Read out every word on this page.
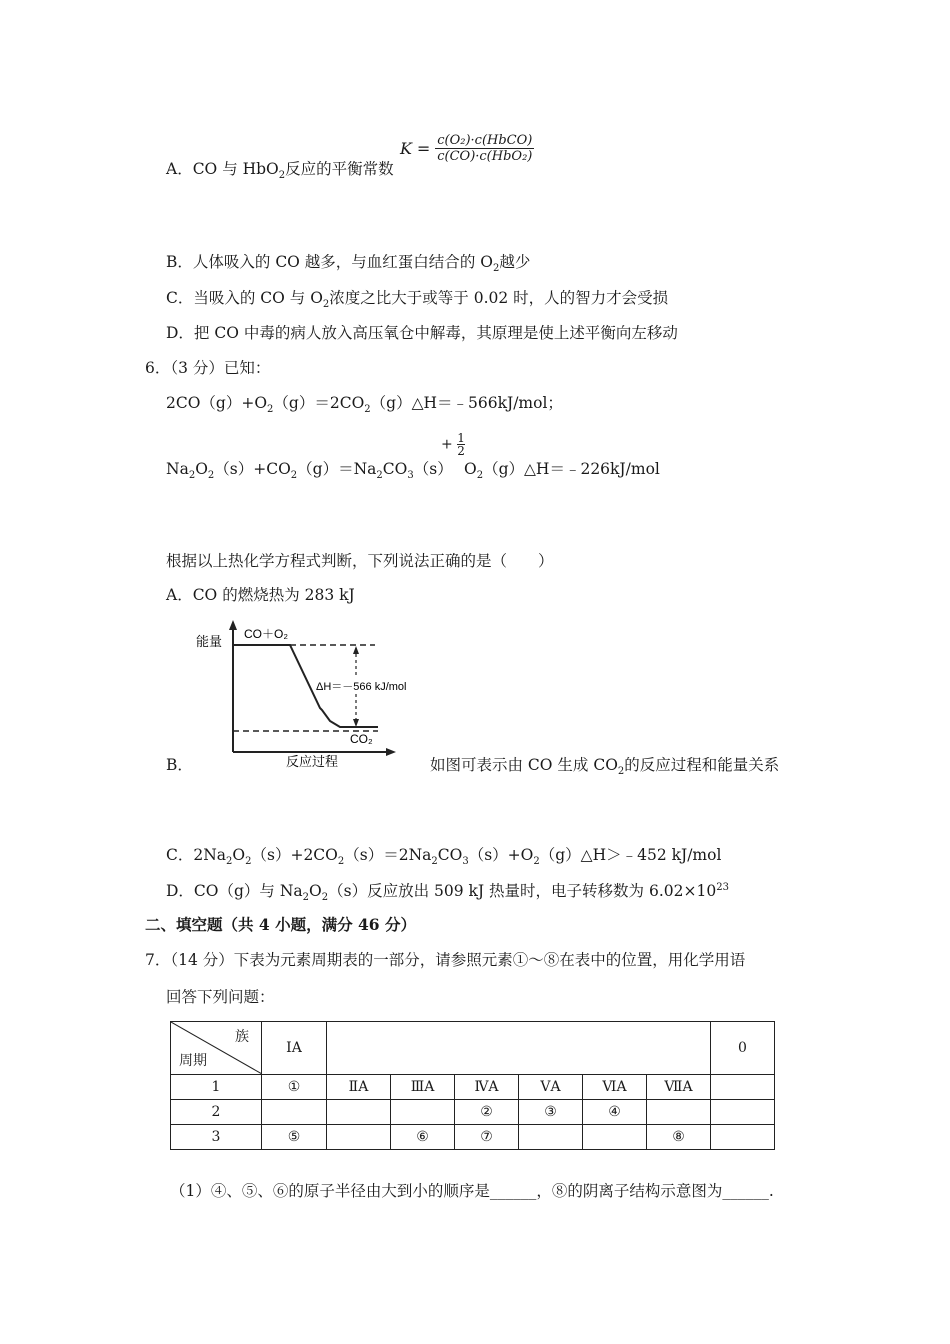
A．CO 与 HbO$_2$反应的平衡常数
$K = \frac{\text{c(O₂)·c(HbCO)}}{\text{c(CO)·c(HbO₂)}}$
B．人体吸入的 CO 越多，与血红蛋白结合的 $O_2$越少
C．当吸入的 CO 与 $O_2$浓度之比大于或等于 0.02 时，人的智力才会受损
D．把 CO 中毒的病人放入高压氧仓中解毒，其原理是使上述平衡向左移动
6．（3 分）已知：
$2CO(g)+O_2(g)=2CO_2(g)\triangle H=﹣566kJ$/mol；
+ $\frac{1}{2}$
$Na_2O_2(s)+CO_2(g)=Na_2CO_3(s)$ $O_2(g)\triangle H=﹣226kJ$/mol
根据以上热化学方程式判断，下列说法正确的是（　　）
A．CO 的燃烧热为 283 kJ
能量 CO＋O₂
ΔH＝－566 kJ/mol
CO₂
反应过程
B．	如图可表示由 CO 生成 $CO_2$的反应过程和能量关系
C．$2Na_2O_2(s)+2CO_2(s)=2Na_2CO_3(s)+O_2(g)\triangle H>﹣452$ kJ/mol
D．CO（g）与 $Na_2O_2(s)$反应放出 509 kJ 热量时，电子转移数为 $6.02\times 10^{23}$
二、填空题（共 4 小题，满分 46 分）
7．（14 分）下表为元素周期表的一部分，请参照元素①～⑧在表中的位置，用化学用语
回答下列问题：
族
周期	ⅠA							0
1	①	ⅡA	ⅢA	ⅣA	ⅤA	ⅥA	ⅦA	
2				②	③	④		
3	⑤		⑥	⑦			⑧	
（1）④、⑤、⑥的原子半径由大到小的顺序是______，⑧的阴离子结构示意图为______.
